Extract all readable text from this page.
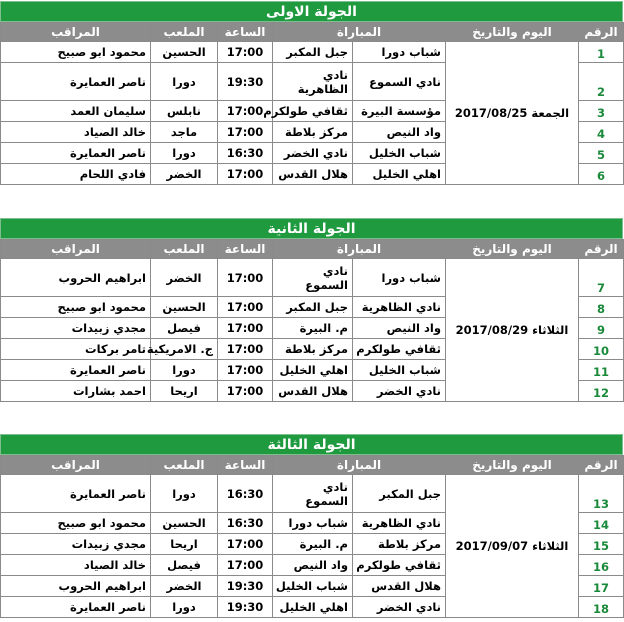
الجولة الاولى
الرقم	اليوم والتاريخ	المباراة		الساعة	الملعب	المراقب
1	الجمعة 2017/08/25	شباب دورا	جبل المكبر	17:00	الحسين	محمود ابو صبيح
2		نادي السموع	نادي الظاهرية	19:30	دورا	ناصر العمايرة
3		مؤسسة البيرة	ثقافي طولكرم	17:00	نابلس	سليمان العمد
4		واد النيص	مركز بلاطة	17:00	ماجد	خالد الصياد
5		شباب الخليل	نادي الخضر	16:30	دورا	ناصر العمايرة
6		اهلي الخليل	هلال القدس	17:00	الخضر	فادي اللحام
الجولة الثانية
الرقم	اليوم والتاريخ	المباراة		الساعة	الملعب	المراقب
7	الثلاثاء 2017/08/29	شباب دورا	نادي السموع	17:00	الخضر	ابراهيم الحروب
8		نادي الظاهرية	جبل المكبر	17:00	الحسين	محمود ابو صبيح
9		واد النيص	م. البيرة	17:00	فيصل	مجدي زبيدات
10		ثقافي طولكرم	مركز بلاطة	17:00	ج. الامريكية	تامر بركات
11		شباب الخليل	اهلي الخليل	17:00	دورا	ناصر العمايرة
12		نادي الخضر	هلال القدس	17:00	اريحا	احمد بشارات
الجولة الثالثة
الرقم	اليوم والتاريخ	المباراة		الساعة	الملعب	المراقب
13	الثلاثاء 2017/09/07	جبل المكبر	نادي السموع	16:30	دورا	ناصر العمايرة
14		نادي الظاهرية	شباب دورا	16:30	الحسين	محمود ابو صبيح
15		مركز بلاطة	م. البيرة	17:00	اريحا	مجدي زبيدات
16		ثقافي طولكرم	واد النيص	17:00	فيصل	خالد الصياد
17		هلال القدس	شباب الخليل	19:30	الخضر	ابراهيم الحروب
18		نادي الخضر	اهلي الخليل	19:30	دورا	ناصر العمايرة
